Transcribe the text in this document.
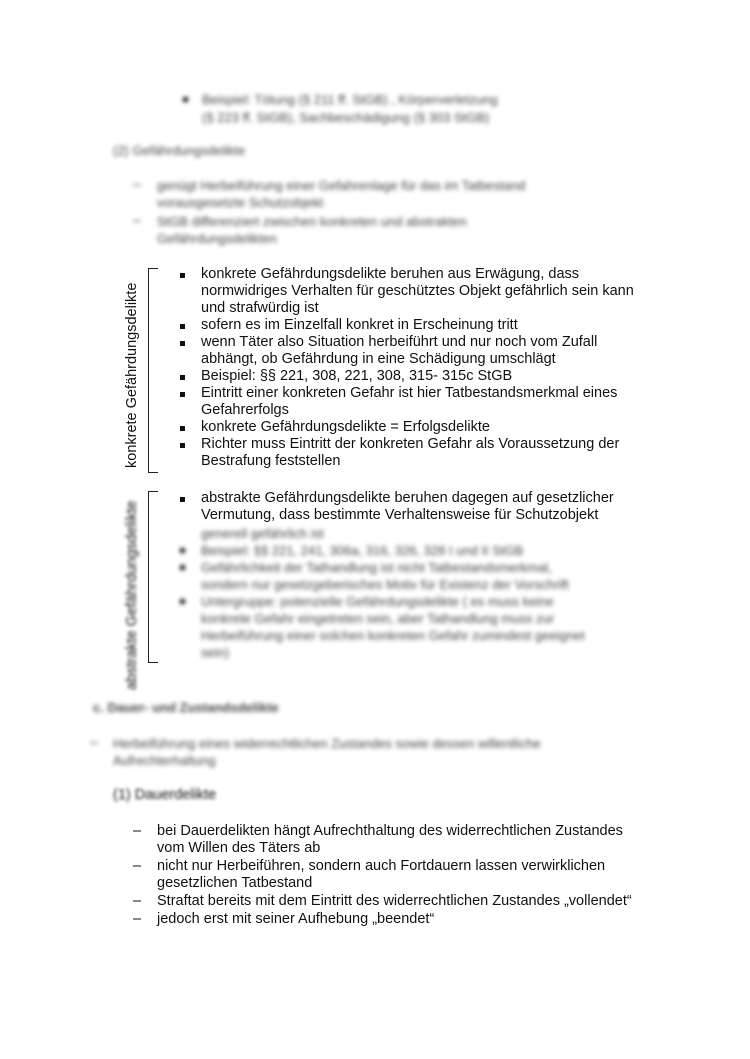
Beispiel: Tötung (§ 211 ff. StGB) , Körperverletzung
(§ 223 ff. StGB), Sachbeschädigung (§ 303 StGB)
(2) Gefährdungsdelikte
– genügt Herbeiführung einer Gefahrenlage für das im Tatbestand
vorausgesetzte Schutzobjekt
– StGB differenziert zwischen konkreten und abstrakten
Gefährdungsdelikten
konkrete Gefährdungsdelikte
konkrete Gefährdungsdelikte beruhen aus Erwägung, dass
normwidriges Verhalten für geschütztes Objekt gefährlich sein kann
und strafwürdig ist
sofern es im Einzelfall konkret in Erscheinung tritt
wenn Täter also Situation herbeiführt und nur noch vom Zufall
abhängt, ob Gefährdung in eine Schädigung umschlägt
Beispiel: §§ 221, 308, 221, 308, 315- 315c StGB
Eintritt einer konkreten Gefahr ist hier Tatbestandsmerkmal eines
Gefahrerfolgs
konkrete Gefährdungsdelikte = Erfolgsdelikte
Richter muss Eintritt der konkreten Gefahr als Voraussetzung der
Bestrafung feststellen
abstrakte Gefährdungsdelikte
abstrakte Gefährdungsdelikte beruhen dagegen auf gesetzlicher
Vermutung, dass bestimmte Verhaltensweise für Schutzobjekt
generell gefährlich ist
Beispiel: §§ 221, 241, 306a, 316, 326, 328 I und II StGB
Gefährlichkeit der Tathandlung ist nicht Tatbestandsmerkmal,
sondern nur gesetzgeberisches Motiv für Existenz der Vorschrift
Untergruppe: potenzielle Gefährdungsdelikte ( es muss keine
konkrete Gefahr eingetreten sein, aber Tathandlung muss zur
Herbeiführung einer solchen konkreten Gefahr zumindest geeignet
sein)
c. Dauer- und Zustandsdelikte
– Herbeiführung eines widerrechtlichen Zustandes sowie dessen willentliche
Aufrechterhaltung
(1) Dauerdelikte
– bei Dauerdelikten hängt Aufrechthaltung des widerrechtlichen Zustandes
vom Willen des Täters ab
– nicht nur Herbeiführen, sondern auch Fortdauern lassen verwirklichen
gesetzlichen Tatbestand
– Straftat bereits mit dem Eintritt des widerrechtlichen Zustandes „vollendet“
– jedoch erst mit seiner Aufhebung „beendet“
